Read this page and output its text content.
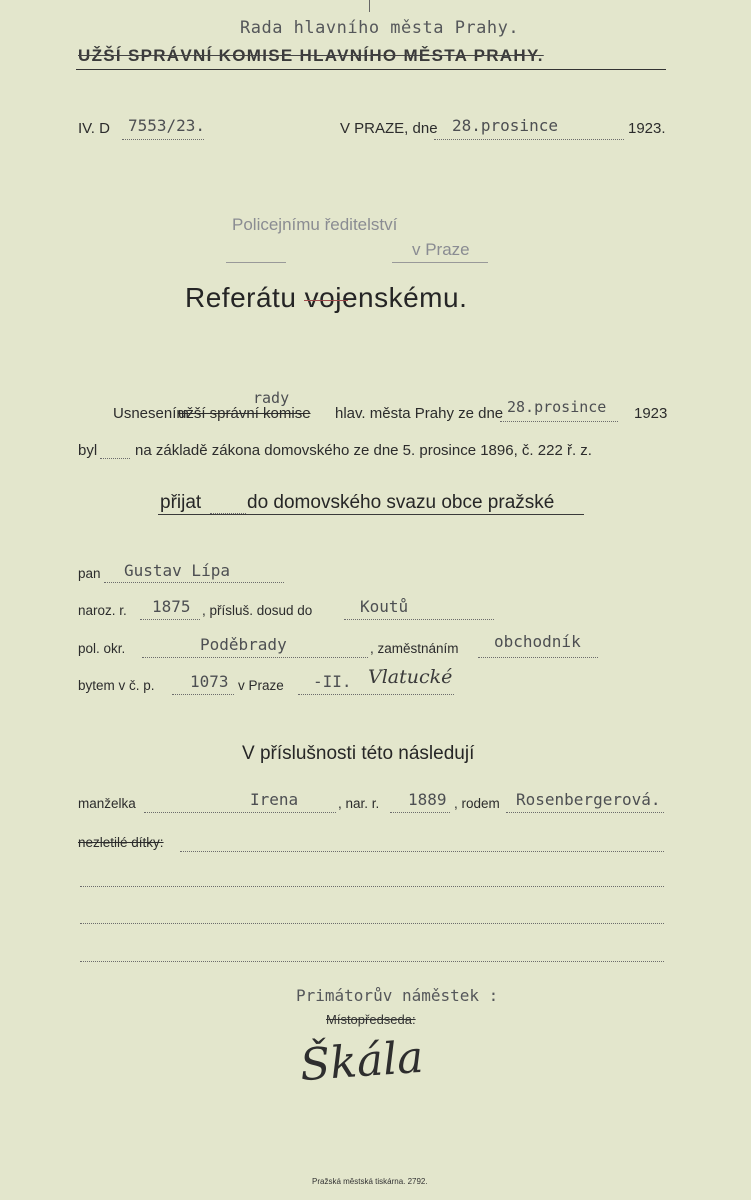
Rada hlavního města Prahy.
UŽŠÍ SPRÁVNÍ KOMISE HLAVNÍHO MĚSTA PRAHY.
IV. D 7553/23.	V PRAZE, dne 28.prosince	1923.
Policejnímu ředitelství
v Praze
Referátu vojenskému.
rady
Usnesením
užší správní komise hlav. města Prahy ze dne 28.prosince 1923
byl	na základě zákona domovského ze dne 5. prosince 1896, č. 222 ř. z.
přijat do domovského svazu obce pražské
pan Gustav Lípa
naroz. r. 1875 , přísluš. dosud do	Koutů
pol. okr.	Poděbrady	, zaměstnáním obchodník
bytem v č. p. 1073 v Praze -II. Vlatucké
V příslušnosti této následují
manželka	Irena	, nar. r. 1889 , rodem Rosenbergerová.
nezletilé dítky:
Primátorův náměstek :
Místopředseda:
Škála
Pražská městská tiskárna. 2792.
